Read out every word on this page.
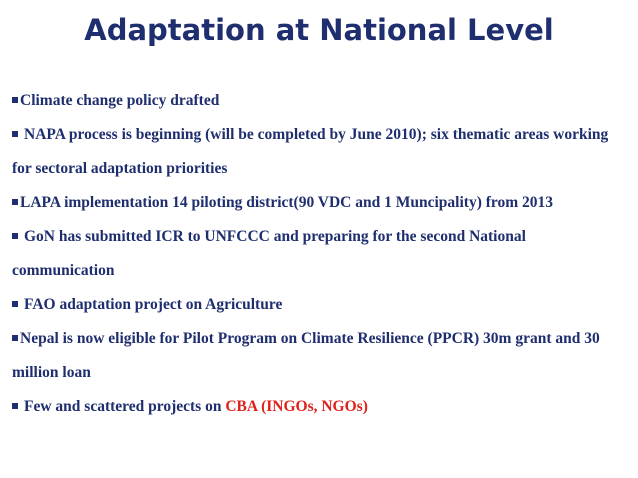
Adaptation at National Level
Climate change policy drafted
NAPA process is beginning (will be completed by June 2010); six thematic areas working for sectoral adaptation priorities
LAPA implementation 14 piloting district(90 VDC and 1 Muncipality) from 2013
GoN has submitted ICR to UNFCCC and preparing for the second National communication
FAO adaptation project on Agriculture
Nepal is now eligible for Pilot Program on Climate Resilience (PPCR) 30m grant and 30 million loan
Few and scattered projects on CBA (INGOs, NGOs)
